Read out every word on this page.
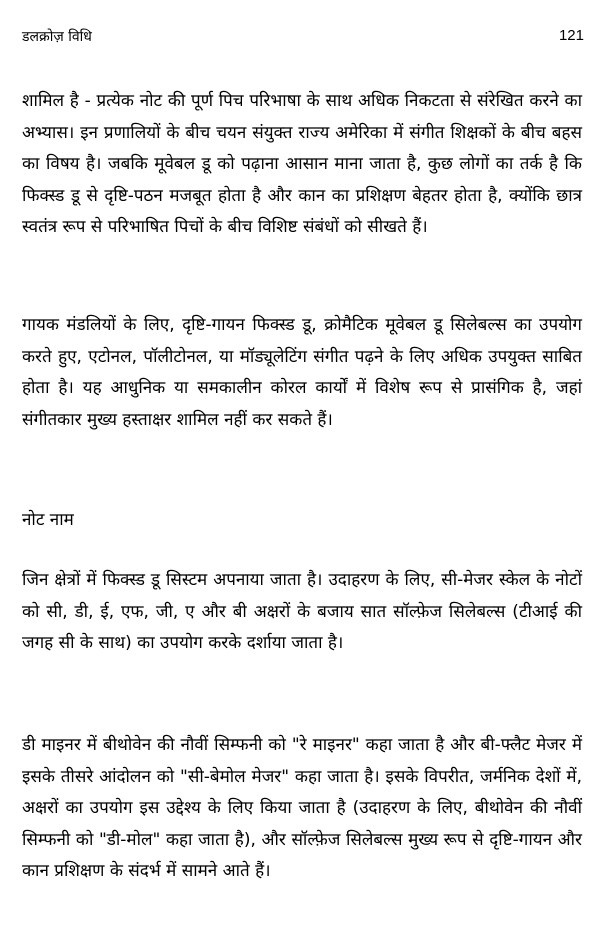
डलक्रोज़ विधि	121

शामिल है - प्रत्येक नोट की पूर्ण पिच परिभाषा के साथ अधिक निकटता से संरेखित करने का अभ्यास। इन प्रणालियों के बीच चयन संयुक्त राज्य अमेरिका में संगीत शिक्षकों के बीच बहस का विषय है। जबकि मूवेबल डू को पढ़ाना आसान माना जाता है, कुछ लोगों का तर्क है कि फिक्स्ड डू से दृष्टि-पठन मजबूत होता है और कान का प्रशिक्षण बेहतर होता है, क्योंकि छात्र स्वतंत्र रूप से परिभाषित पिचों के बीच विशिष्ट संबंधों को सीखते हैं।

गायक मंडलियों के लिए, दृष्टि-गायन फिक्स्ड डू, क्रोमैटिक मूवेबल डू सिलेबल्स का उपयोग करते हुए, एटोनल, पॉलीटोनल, या मॉड्यूलेटिंग संगीत पढ़ने के लिए अधिक उपयुक्त साबित होता है। यह आधुनिक या समकालीन कोरल कार्यों में विशेष रूप से प्रासंगिक है, जहां संगीतकार मुख्य हस्ताक्षर शामिल नहीं कर सकते हैं।

नोट नाम

जिन क्षेत्रों में फिक्स्ड डू सिस्टम अपनाया जाता है। उदाहरण के लिए, सी-मेजर स्केल के नोटों को सी, डी, ई, एफ, जी, ए और बी अक्षरों के बजाय सात सॉल्फ़ेज सिलेबल्स (टीआई की जगह सी के साथ) का उपयोग करके दर्शाया जाता है।

डी माइनर में बीथोवेन की नौवीं सिम्फनी को "रे माइनर" कहा जाता है और बी-फ्लैट मेजर में इसके तीसरे आंदोलन को "सी-बेमोल मेजर" कहा जाता है। इसके विपरीत, जर्मनिक देशों में, अक्षरों का उपयोग इस उद्देश्य के लिए किया जाता है (उदाहरण के लिए, बीथोवेन की नौवीं सिम्फनी को "डी-मोल" कहा जाता है), और सॉल्फ़ेज सिलेबल्स मुख्य रूप से दृष्टि-गायन और कान प्रशिक्षण के संदर्भ में सामने आते हैं।
